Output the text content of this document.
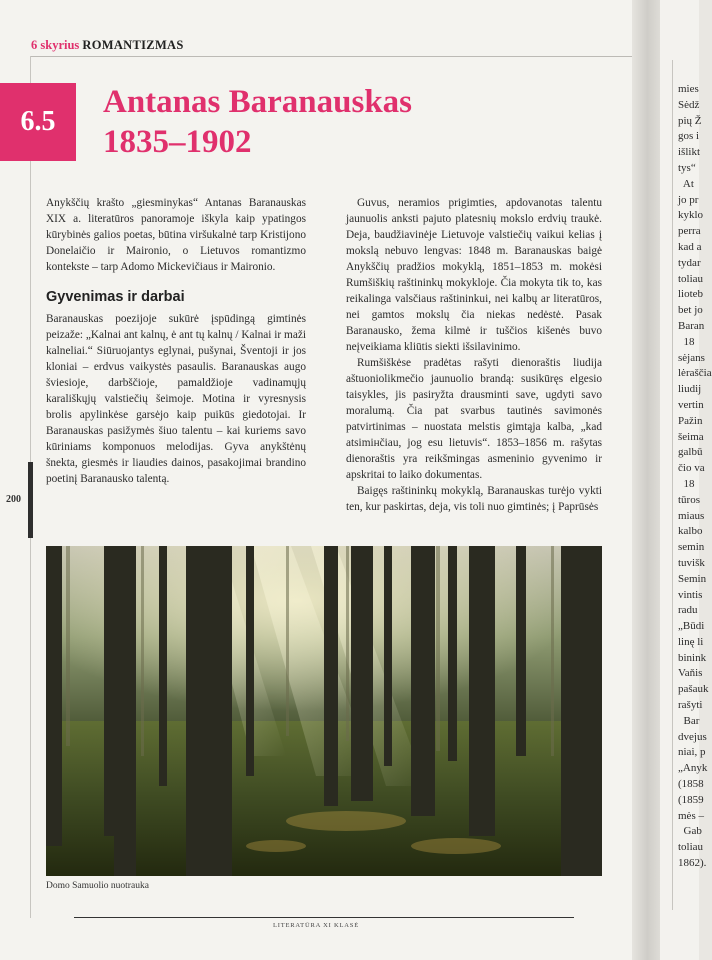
6 skyrius ROMANTIZMAS
6.5
Antanas Baranauskas
1835–1902

Anykščių krašto „giesminykas“ Antanas Baranauskas XIX a. literatūros panoramoje iškyla kaip ypatingos kūrybinės galios poetas, būtina viršukalnė tarp Kristijono Donelaičio ir Maironio, o Lietuvos romantizmo kontekste – tarp Adomo Mickevičiaus ir Maironio.

Gyvenimas ir darbai

Baranauskas poezijoje sukūrė įspūdingą gimtinės peizaže: „Kalnai ant kalnų, ė ant tų kalnų / Kalnai ir maži kalneliai.“ Siūruojantys eglynai, pušynai, Šventoji ir jos kloniai – erdvus vaikystės pasaulis. Baranauskas augo šviesioje, darbščioje, pamaldžioje vadinamųjų karališkųjų valstiečių šeimoje. Motina ir vyresnysis brolis apylinkėse garsėjo kaip puikūs giedotojai. Ir Baranauskas pasižymės šiuo talentu – kai kuriems savo kūriniams komponuos melodijas. Gyva anykštėnų šnekta, giesmės ir liaudies dainos, pasakojimai brandino poetinį Baranausko talentą.

Guvus, neramios prigimties, apdovanotas talentu jaunuolis anksti pajuto platesnių mokslo erdvių traukė. Deja, baudžiavinėje Lietuvoje valstiečių vaikui kelias į mokslą nebuvo lengvas: 1848 m. Baranauskas baigė Anykščių pradžios mokyklą, 1851–1853 m. mokėsi Rumšiškių raštininkų mokykloje. Čia mokyta tik to, kas reikalinga valsčiaus raštininkui, nei kalbų ar literatūros, nei gamtos mokslų čia niekas nedėstė. Pasak Baranausko, žema kilmė ir tuščios kišenės buvo neįveikiama kliūtis siekti išsilavinimo.

Rumšiškėse pradėtas rašyti dienoraštis liudija aštuoniolikmečio jaunuolio brandą: susikūręs elgesio taisykles, jis pasiryžta drausminti save, ugdyti savo moralumą. Čia pat svarbus tautinės savimonės patvirtinimas – nuostata melstis gimtąja kalba, „kad atsimінčiau, jog esu lietuvis“. 1853–1856 m. rašytas dienoraštis yra reikšmingas asmeninio gyvenimo ir apskritai to laiko dokumentas.

Baigęs raštininkų mokyklą, Baranauskas turėjo vykti ten, kur paskirtas, deja, vis toli nuo gimtinės; į Paprūsės

200
Domo Samuolio nuotrauka
LITERATŪRA XI KLASĖ
mies
Sėdž
pių Ž
gos i
išlikt
tys“
At
jo pr
kyklo
perra
kad a
tydar
toliau
lioteb
bet jo
Baran
18
sėjans
lėraščia
liudij
vertin
Pažin
šeima
galbū
čio va
18
tūros
miaus
kalbo
semin
tuvišk
Semin
vintis
radu
„Būdi
linę li
binink
Vaňis
pašauk
rašyti
Bar
dvejus
niai, p
„Anyk
(1858
(1859
mės –
Gab
toliau
1862).
